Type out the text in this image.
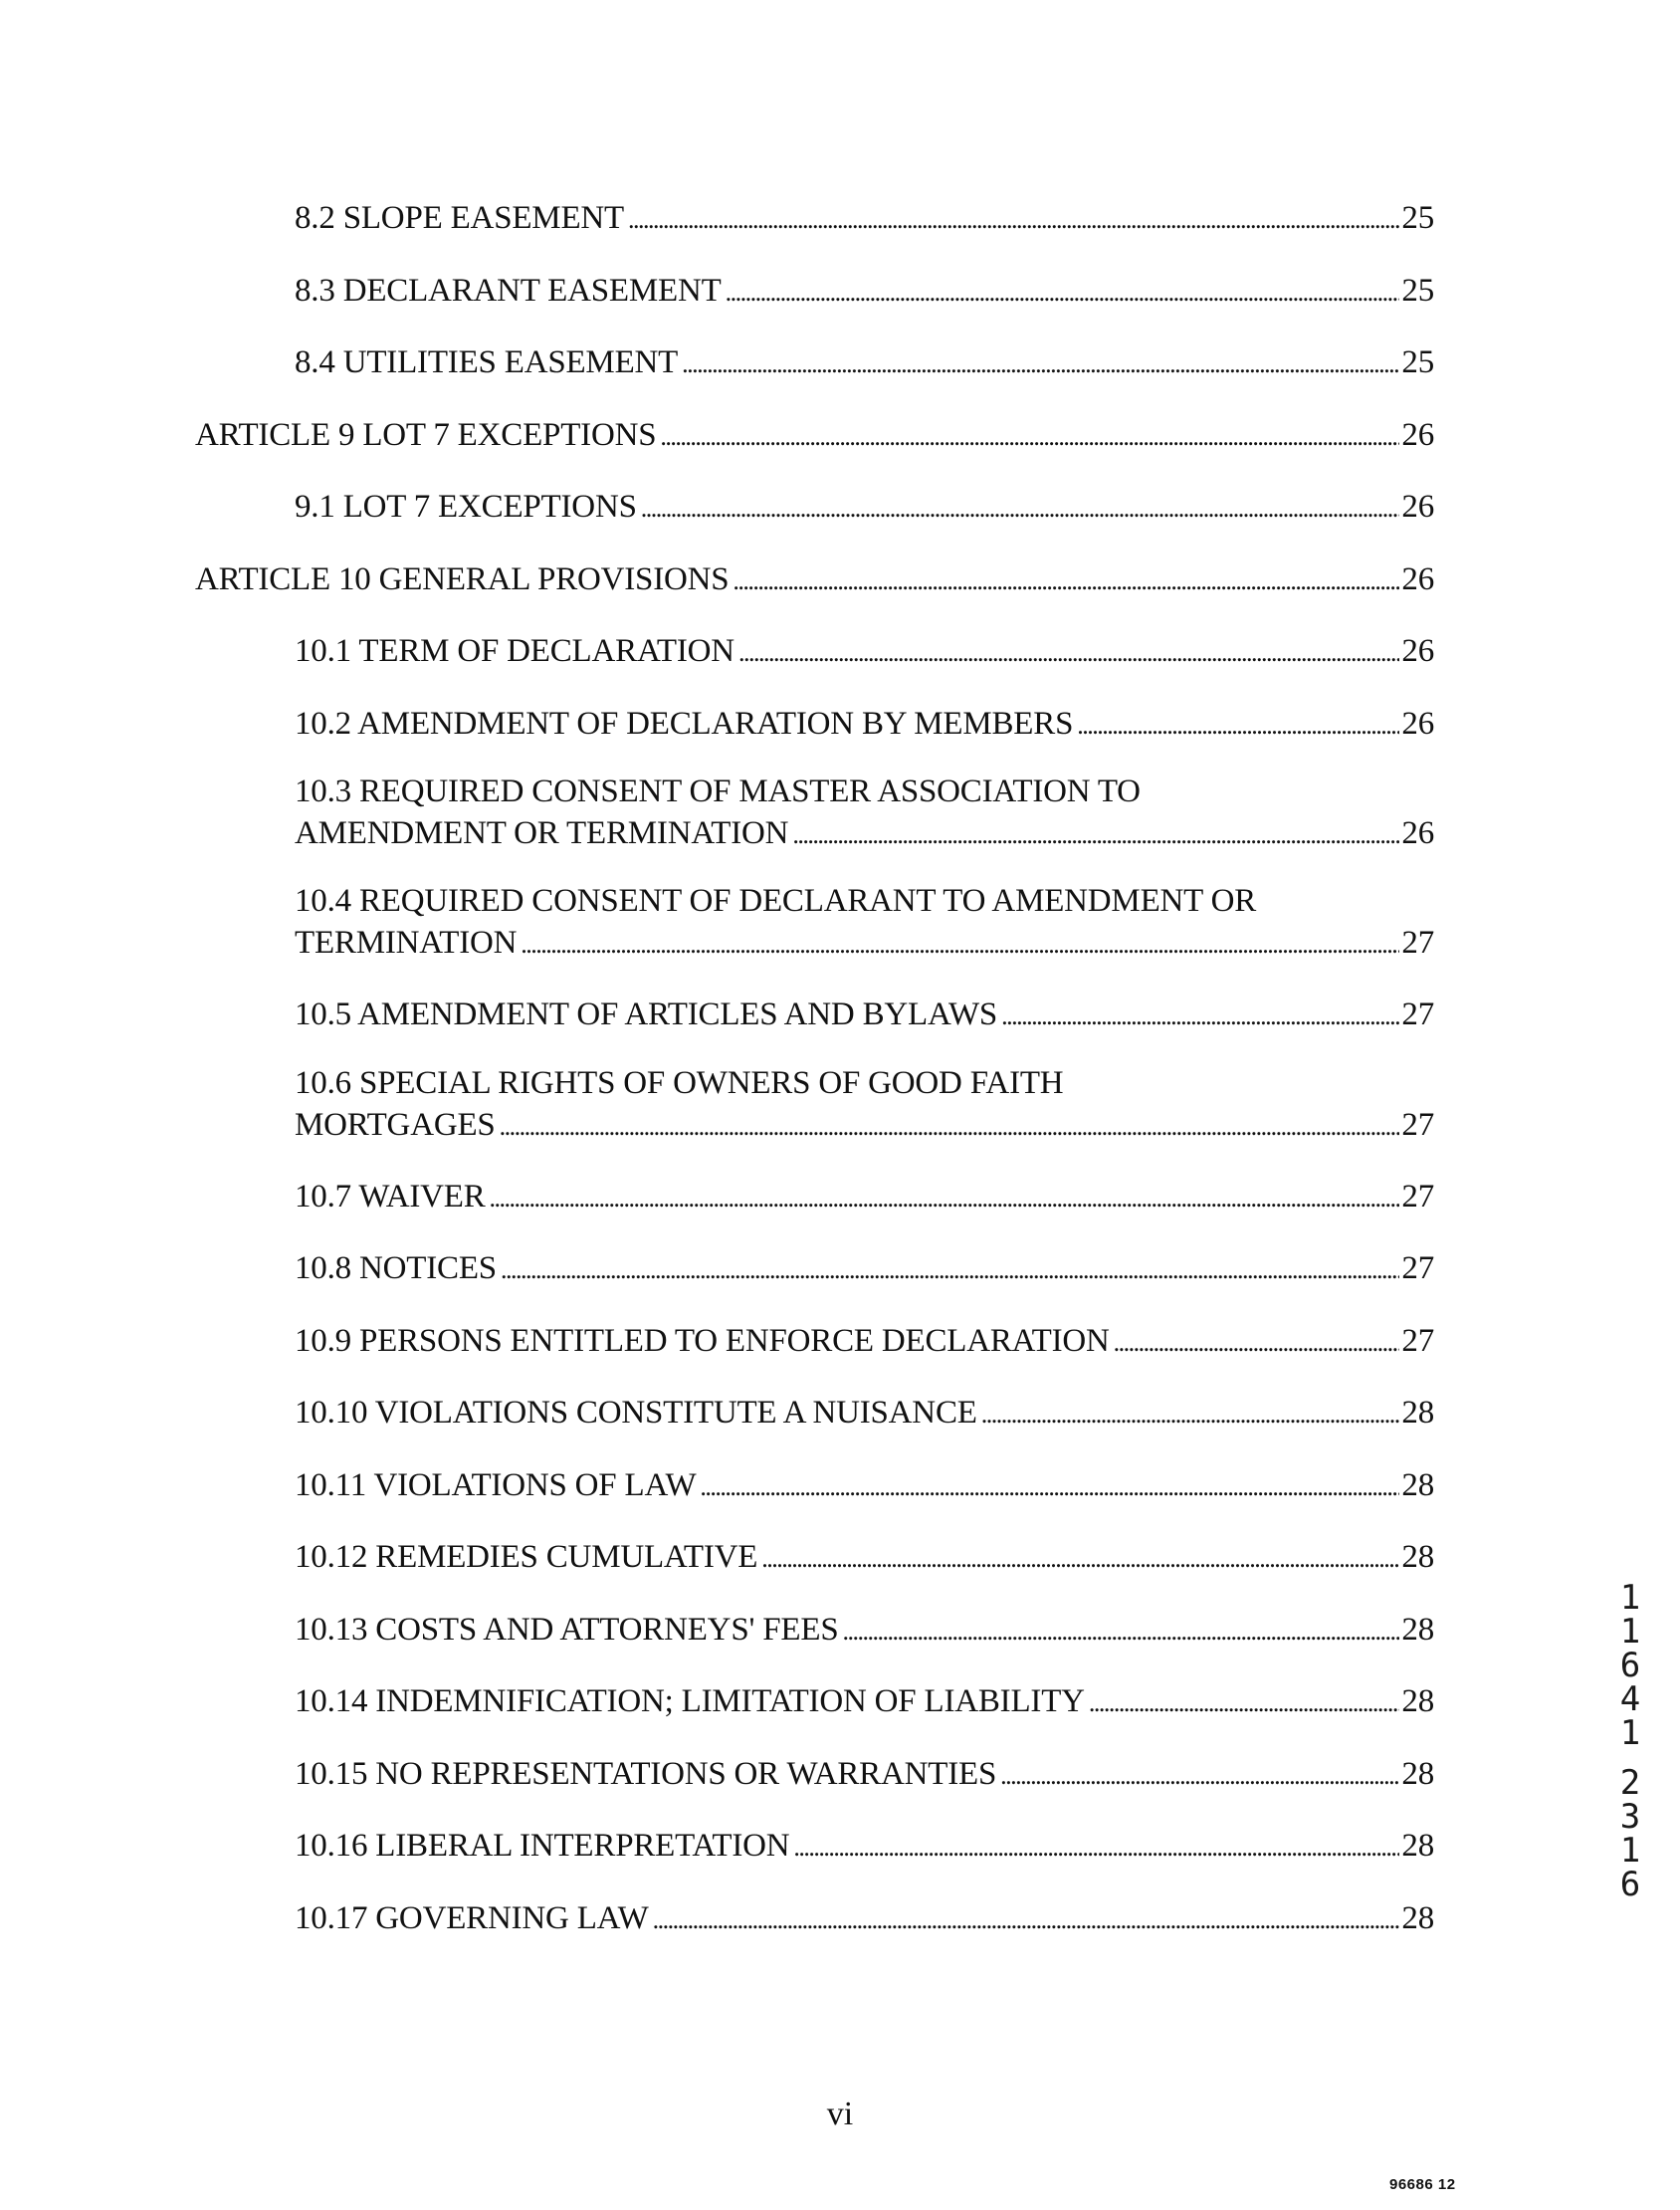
8.2 SLOPE EASEMENT . . .	25
8.3 DECLARANT EASEMENT . . .	25
8.4 UTILITIES EASEMENT . . .	25
ARTICLE 9 LOT 7 EXCEPTIONS . . .	26
9.1 LOT 7 EXCEPTIONS . . .	26
ARTICLE 10 GENERAL PROVISIONS . . .	26
10.1 TERM OF DECLARATION . . .	26
10.2 AMENDMENT OF DECLARATION BY MEMBERS . . .	26
10.3 REQUIRED CONSENT OF MASTER ASSOCIATION TO
AMENDMENT OR TERMINATION . . .	26
10.4 REQUIRED CONSENT OF DECLARANT TO AMENDMENT OR
TERMINATION . . .	27
10.5 AMENDMENT OF ARTICLES AND BYLAWS . . .	27
10.6 SPECIAL RIGHTS OF OWNERS OF GOOD FAITH
MORTGAGES . . .	27
10.7 WAIVER . . .	27
10.8 NOTICES . . .	27
10.9 PERSONS ENTITLED TO ENFORCE DECLARATION . . .	27
10.10 VIOLATIONS CONSTITUTE A NUISANCE . . .	28
10.11 VIOLATIONS OF LAW . . .	28
10.12 REMEDIES CUMULATIVE . . .	28
10.13 COSTS AND ATTORNEYS' FEES . . .	28
10.14 INDEMNIFICATION; LIMITATION OF LIABILITY . . .	28
10.15 NO REPRESENTATIONS OR WARRANTIES . . .	28
10.16 LIBERAL INTERPRETATION . . .	28
10.17 GOVERNING LAW . . .	28
vi
96686 12
1
1
6
4
1
2
3
1
6
